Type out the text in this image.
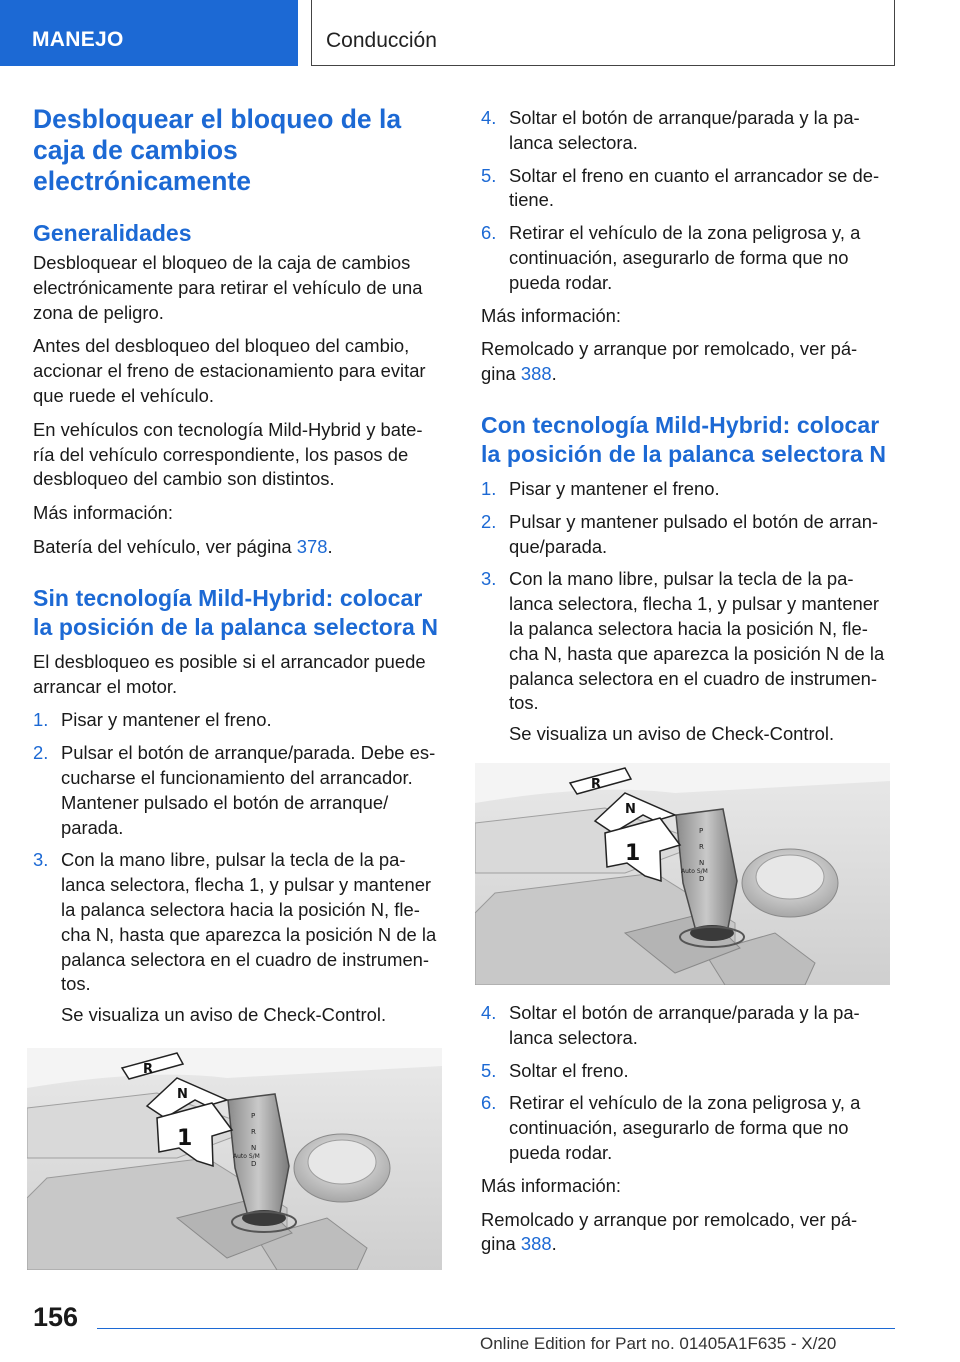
MANEJO	Conducción
Desbloquear el bloqueo de la caja de cambios electrónicamente
Generalidades

Desbloquear el bloqueo de la caja de cambios electrónicamente para retirar el vehículo de una zona de peligro.

Antes del desbloqueo del bloqueo del cambio, accionar el freno de estacionamiento para evitar que ruede el vehículo.

En vehículos con tecnología Mild-Hybrid y bate- ría del vehículo correspondiente, los pasos de desbloqueo del cambio son distintos.

Más información:

Batería del vehículo, ver página 378.

Sin tecnología Mild-Hybrid: colocar la posición de la palanca selectora N

El desbloqueo es posible si el arrancador puede arrancar el motor.

1. Pisar y mantener el freno.
2. Pulsar el botón de arranque/parada. Debe es- cucharse el funcionamiento del arrancador. Mantener pulsado el botón de arranque/ parada.
3. Con la mano libre, pulsar la tecla de la pa- lanca selectora, flecha 1, y pulsar y mantener la palanca selectora hacia la posición N, fle- cha N, hasta que aparezca la posición N de la palanca selectora en el cuadro de instrumen- tos.
Se visualiza un aviso de Check-Control.
P
R
N
D
Auto S/M
R
N
1
4. Soltar el botón de arranque/parada y la pa- lanca selectora.
5. Soltar el freno en cuanto el arrancador se de- tiene.
6. Retirar el vehículo de la zona peligrosa y, a continuación, asegurarlo de forma que no pueda rodar.

Más información:

Remolcado y arranque por remolcado, ver pá- gina 388.

Con tecnología Mild-Hybrid: colocar la posición de la palanca selectora N
1. Pisar y mantener el freno.
2. Pulsar y mantener pulsado el botón de arran- que/parada.
3. Con la mano libre, pulsar la tecla de la pa- lanca selectora, flecha 1, y pulsar y mantener la palanca selectora hacia la posición N, fle- cha N, hasta que aparezca la posición N de la palanca selectora en el cuadro de instrumen- tos.
Se visualiza un aviso de Check-Control.
P
R
N
D
Auto S/M
R
N
1
4. Soltar el botón de arranque/parada y la pa- lanca selectora.
5. Soltar el freno.
6. Retirar el vehículo de la zona peligrosa y, a continuación, asegurarlo de forma que no pueda rodar.

Más información:

Remolcado y arranque por remolcado, ver pá- gina 388.

156
Online Edition for Part no. 01405A1F635 - X/20
